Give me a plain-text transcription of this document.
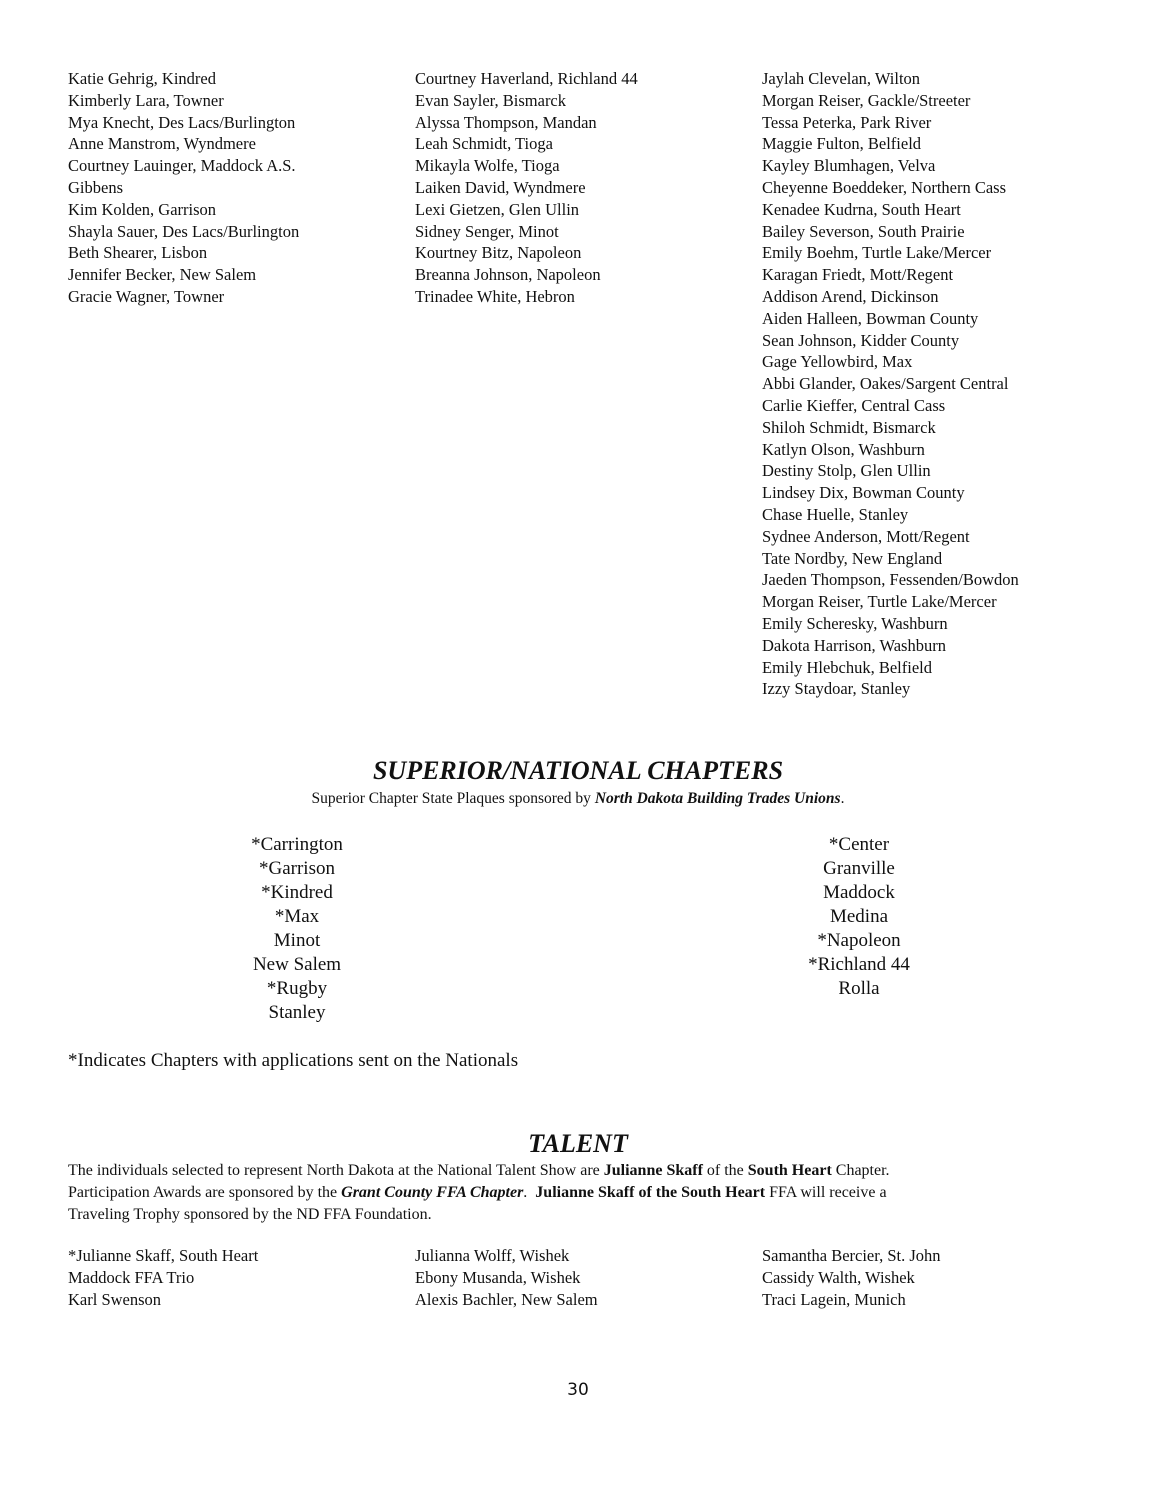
Katie Gehrig, Kindred
Kimberly Lara, Towner
Mya Knecht, Des Lacs/Burlington
Anne Manstrom, Wyndmere
Courtney Lauinger, Maddock A.S.
Gibbens
Kim Kolden, Garrison
Shayla Sauer, Des Lacs/Burlington
Beth Shearer, Lisbon
Jennifer Becker, New Salem
Gracie Wagner, Towner
Courtney Haverland, Richland 44
Evan Sayler, Bismarck
Alyssa Thompson, Mandan
Leah Schmidt, Tioga
Mikayla Wolfe, Tioga
Laiken David, Wyndmere
Lexi Gietzen, Glen Ullin
Sidney Senger, Minot
Kourtney Bitz, Napoleon
Breanna Johnson, Napoleon
Trinadee White, Hebron
Jaylah Clevelan, Wilton
Morgan Reiser, Gackle/Streeter
Tessa Peterka, Park River
Maggie Fulton, Belfield
Kayley Blumhagen, Velva
Cheyenne Boeddeker, Northern Cass
Kenadee Kudrna, South Heart
Bailey Severson, South Prairie
Emily Boehm, Turtle Lake/Mercer
Karagan Friedt, Mott/Regent
Addison Arend, Dickinson
Aiden Halleen, Bowman County
Sean Johnson, Kidder County
Gage Yellowbird, Max
Abbi Glander, Oakes/Sargent Central
Carlie Kieffer, Central Cass
Shiloh Schmidt, Bismarck
Katlyn Olson, Washburn
Destiny Stolp, Glen Ullin
Lindsey Dix, Bowman County
Chase Huelle, Stanley
Sydnee Anderson, Mott/Regent
Tate Nordby, New England
Jaeden Thompson, Fessenden/Bowdon
Morgan Reiser, Turtle Lake/Mercer
Emily Scheresky, Washburn
Dakota Harrison, Washburn
Emily Hlebchuk, Belfield
Izzy Staydoar, Stanley
SUPERIOR/NATIONAL CHAPTERS
Superior Chapter State Plaques sponsored by North Dakota Building Trades Unions.
*Carrington
*Garrison
*Kindred
*Max
Minot
New Salem
*Rugby
Stanley
*Center
Granville
Maddock
Medina
*Napoleon
*Richland 44
Rolla
*Indicates Chapters with applications sent on the Nationals
TALENT
The individuals selected to represent North Dakota at the National Talent Show are Julianne Skaff of the South Heart Chapter.
Participation Awards are sponsored by the Grant County FFA Chapter.  Julianne Skaff of the South Heart FFA will receive a
Traveling Trophy sponsored by the ND FFA Foundation.
*Julianne Skaff, South Heart
Maddock FFA Trio
Karl Swenson
Julianna Wolff, Wishek
Ebony Musanda, Wishek
Alexis Bachler, New Salem
Samantha Bercier, St. John
Cassidy Walth, Wishek
Traci Lagein, Munich
30
